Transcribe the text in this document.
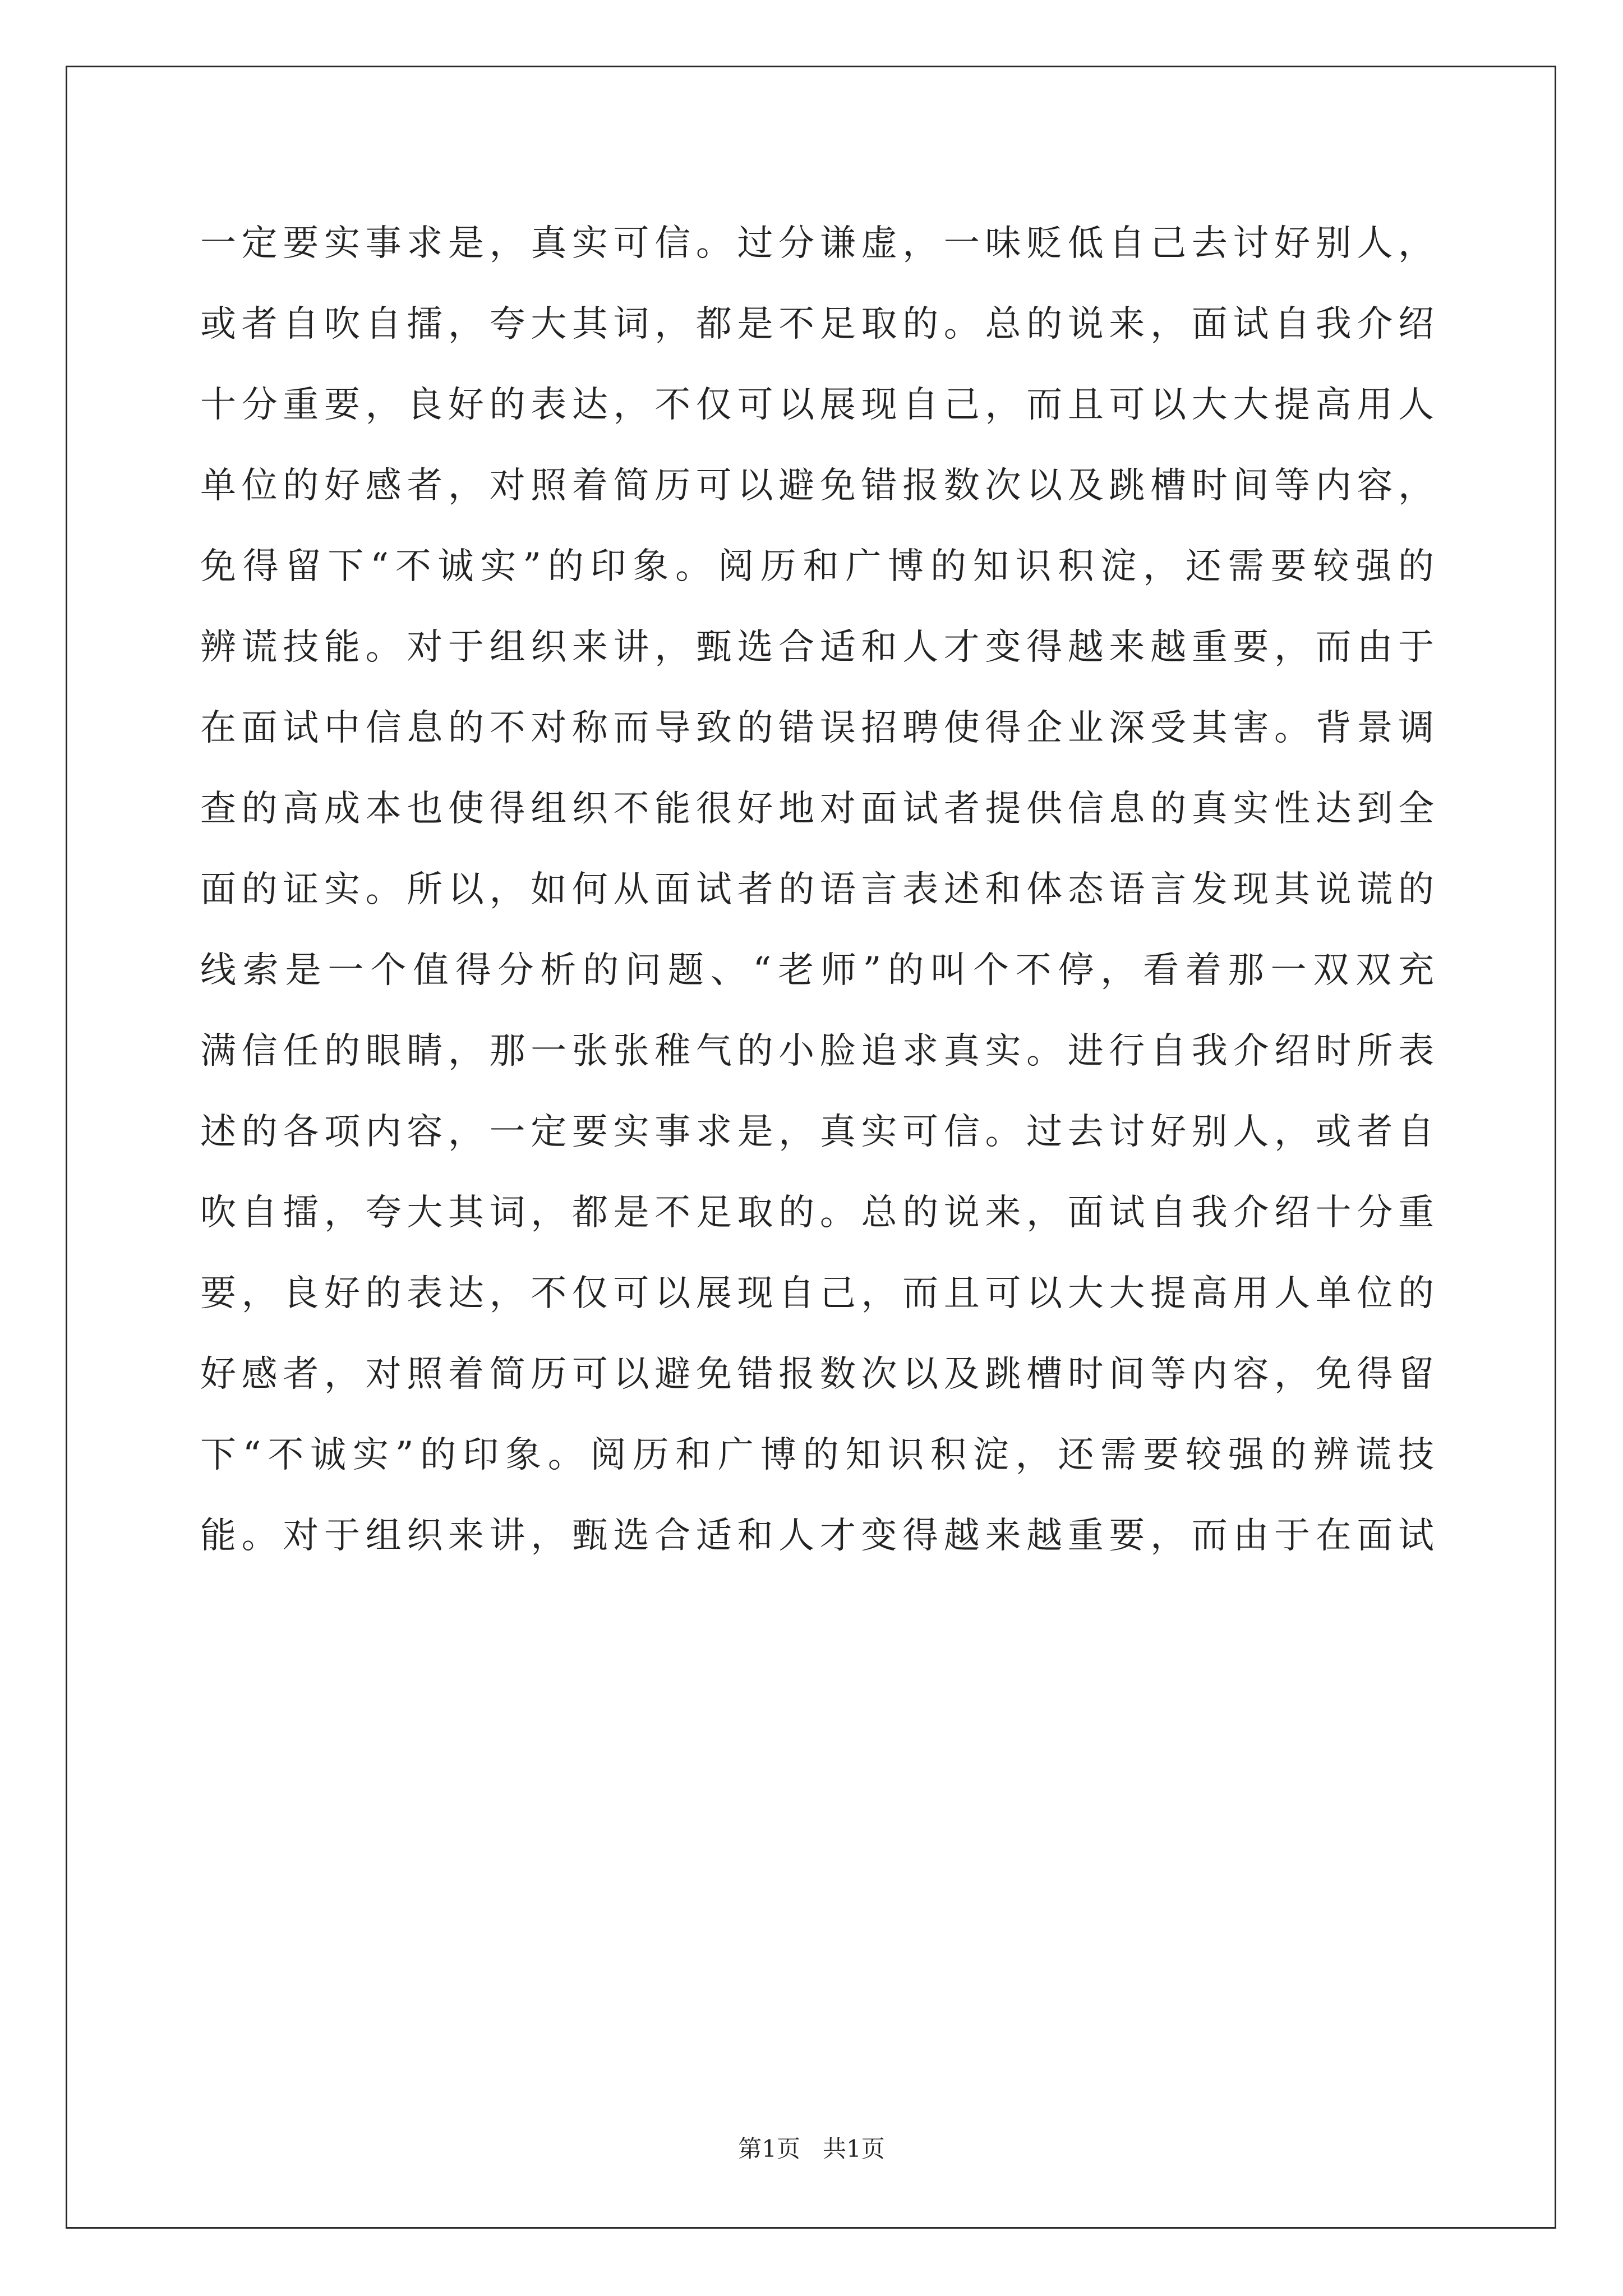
一定要实事求是，真实可信。过分谦虚，一味贬低自己去讨好别人，
或者自吹自擂，夸大其词，都是不足取的。总的说来，面试自我介绍
十分重要，良好的表达，不仅可以展现自己，而且可以大大提高用人
单位的好感者，对照着简历可以避免错报数次以及跳槽时间等内容，
免得留下“不诚实”的印象。阅历和广博的知识积淀，还需要较强的
辨谎技能。对于组织来讲，甄选合适和人才变得越来越重要，而由于
在面试中信息的不对称而导致的错误招聘使得企业深受其害。背景调
查的高成本也使得组织不能很好地对面试者提供信息的真实性达到全
面的证实。所以，如何从面试者的语言表述和体态语言发现其说谎的
线索是一个值得分析的问题、“老师”的叫个不停，看着那一双双充
满信任的眼睛，那一张张稚气的小脸追求真实。进行自我介绍时所表
述的各项内容，一定要实事求是，真实可信。过去讨好别人，或者自
吹自擂，夸大其词，都是不足取的。总的说来，面试自我介绍十分重
要，良好的表达，不仅可以展现自己，而且可以大大提高用人单位的
好感者，对照着简历可以避免错报数次以及跳槽时间等内容，免得留
下“不诚实”的印象。阅历和广博的知识积淀，还需要较强的辨谎技
能。对于组织来讲，甄选合适和人才变得越来越重要，而由于在面试
第1页   共1页
